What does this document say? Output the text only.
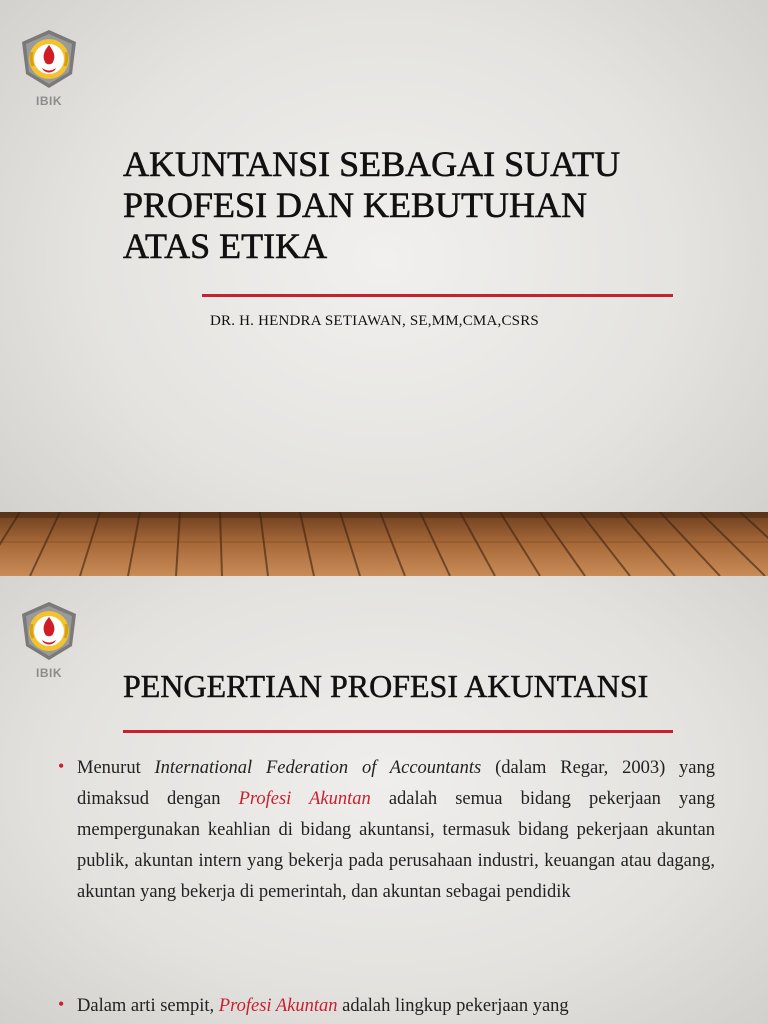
IBIK
AKUNTANSI SEBAGAI SUATU
PROFESI DAN KEBUTUHAN
ATAS ETIKA
DR. H. HENDRA SETIAWAN, SE,MM,CMA,CSRS
IBIK	PENGERTIAN PROFESI AKUNTANSI
• Menurut International Federation of Accountants (dalam Regar, 2003) yang dimaksud dengan Profesi Akuntan adalah semua bidang pekerjaan yang mempergunakan keahlian di bidang akuntansi, termasuk bidang pekerjaan akuntan publik, akuntan intern yang bekerja pada perusahaan industri, keuangan atau dagang, akuntan yang bekerja di pemerintah, dan akuntan sebagai pendidik

• Dalam arti sempit, Profesi Akuntan adalah lingkup pekerjaan yang
